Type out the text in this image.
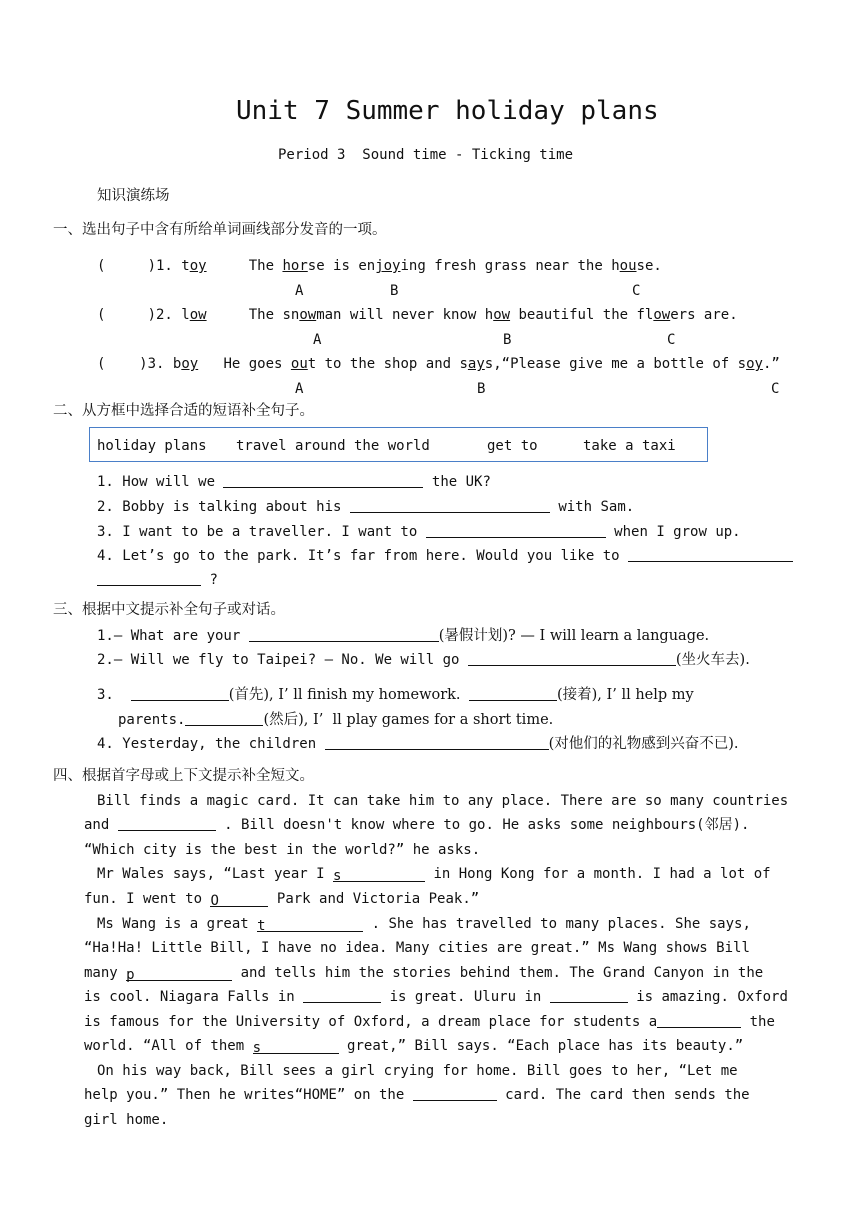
Unit 7 Summer holiday plans
Period 3  Sound time - Ticking time
知识演练场
一、选出句子中含有所给单词画线部分发音的一项。
(     )1. toy	The horse is enjoying fresh grass near the house.
A	B	C
(     )2. low	The snowman will never know how beautiful the flowers are.
A	B	C
(    )3. boy He goes out to the shop and says,“Please give me a bottle of soy.”
A	B	C
二、从方框中选择合适的短语补全句子。
holiday plans travel around the world	get to	take a taxi
1. How will we	the UK?
2. Bobby is talking about his	with Sam.
3. I want to be a traveller. I want to	when I grow up.
4. Let’s go to the park. It’s far from here. Would you like to
?
三、根据中文提示补全句子或对话。
1.— What are your	(暑假计划)? — I will learn a language.
2.— Will we fly to Taipei? — No. We will go	(坐火车去).
3.	(首先), I’ ll finish my homework.	(接着), I’ ll help my
parents.	(然后), I’  ll play games for a short time.
4. Yesterday, the children	(对他们的礼物感到兴奋不已).
四、根据首字母或上下文提示补全短文。
Bill finds a magic card. It can take him to any place. There are so many countries
and	. Bill doesn't know where to go. He asks some neighbours(邻居).
“Which city is the best in the world?” he asks.
Mr Wales says, “Last year I s	in Hong Kong for a month. I had a lot of
fun. I went to O	Park and Victoria Peak.”
Ms Wang is a great t	. She has travelled to many places. She says,
“Ha!Ha! Little Bill, I have no idea. Many cities are great.” Ms Wang shows Bill
many p	and tells him the stories behind them. The Grand Canyon in the
is cool. Niagara Falls in	is great. Uluru in	is amazing. Oxford
is famous for the University of Oxford, a dream place for students a	the
world. “All of them s	great,” Bill says. “Each place has its beauty.”
On his way back, Bill sees a girl crying for home. Bill goes to her, “Let me
help you.” Then he writes“HOME” on the	card. The card then sends the
girl home.
